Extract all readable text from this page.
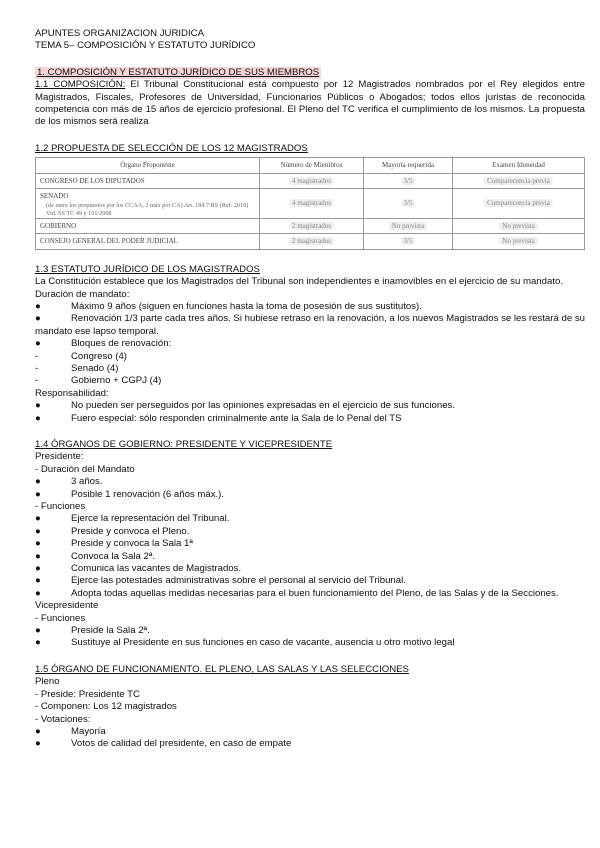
APUNTES ORGANIZACION JURIDICA

TEMA 5– COMPOSICIÓN Y ESTATUTO JURÍDICO

1. COMPOSICIÓN Y ESTATUTO JURÍDICO DE SUS MIEMBROS

1.1 COMPOSICIÓN: El Tribunal Constitucional está compuesto por 12 Magistrados nombrados por el Rey elegidos entre Magistrados, Fiscales, Profesores de Universidad, Funcionarios Públicos o Abogados; todos ellos juristas de reconocida competencia con más de 15 años de ejercicio profesional. El Pleno del TC verifica el cumplimiento de los mismos. La propuesta de los mismos será realiza

1.2 PROPUESTA DE SELECCIÓN DE LOS 12 MAGISTRADOS

Órgano Proponente	Número de Miembros	Mayoría requerida	Examen Idoneidad
CONGRESO DE LOS DIPUTADOS	4 magistrados	3/5	Comparecencia previa

SENADO
(de entre los propuestos por los CCAA, 2 máx por CA) Art. 184.7 RS (Ref. 2010) Vid. SS TC 49 y 101/2008	4 magistrados	3/5	Comparecencia previa
GOBIERNO	2 magistrados	No prevista	No prevista
CONSEJO GENERAL DEL PODER JUDICIAL	2 magistrados	3/5	No prevista

1.3 ESTATUTO JURÍDICO DE LOS MAGISTRADOS

La Constitución establece que los Magistrados del Tribunal son independientes e inamovibles en el ejercicio de su mandato.

Duración de mandato:

●	Máximo 9 años (siguen en funciones hasta la toma de posesión de sus sustitutos).

●	Renovación 1/3 parte cada tres años. Si hubiese retraso en la renovación, a los nuevos Magistrados se les restará de su mandato ese lapso temporal.

●	Bloques de renovación:
-	Congreso (4)
-	Senado (4)
-	Gobierno + CGPJ (4)

Responsabilidad:

●	No pueden ser perseguidos por las opiniones expresadas en el ejercicio de sus funciones.
●	Fuero especial: sólo responden criminalmente ante la Sala de lo Penal del TS

1.4 ÓRGANOS DE GOBIERNO: PRESIDENTE Y VICEPRESIDENTE

Presidente:

- Duración del Mandato

●	3 años.
●	Posible 1 renovación (6 años máx.).

- Funciones

●	Ejerce la representación del Tribunal.
●	Preside y convoca el Pleno.
●	Preside y convoca la Sala 1ª
●	Convoca la Sala 2ª.
●	Comunica las vacantes de Magistrados.
●	Ejerce las potestades administrativas sobre el personal al servicio del Tribunal.
●	Adopta todas aquellas medidas necesarias para el buen funcionamiento del Pleno, de las Salas y de la Secciones.

Vicepresidente

- Funciones

●	Preside la Sala 2ª.
●	Sustituye al Presidente en sus funciones en caso de vacante, ausencia u otro motivo legal

1.5 ÓRGANO DE FUNCIONAMIENTO. EL PLENO, LAS SALAS Y LAS SELECCIONES

Pleno

- Preside: Presidente TC

- Componen: Los 12 magistrados

- Votaciones:

●	Mayoría
●	Votos de calidad del presidente, en caso de empate
